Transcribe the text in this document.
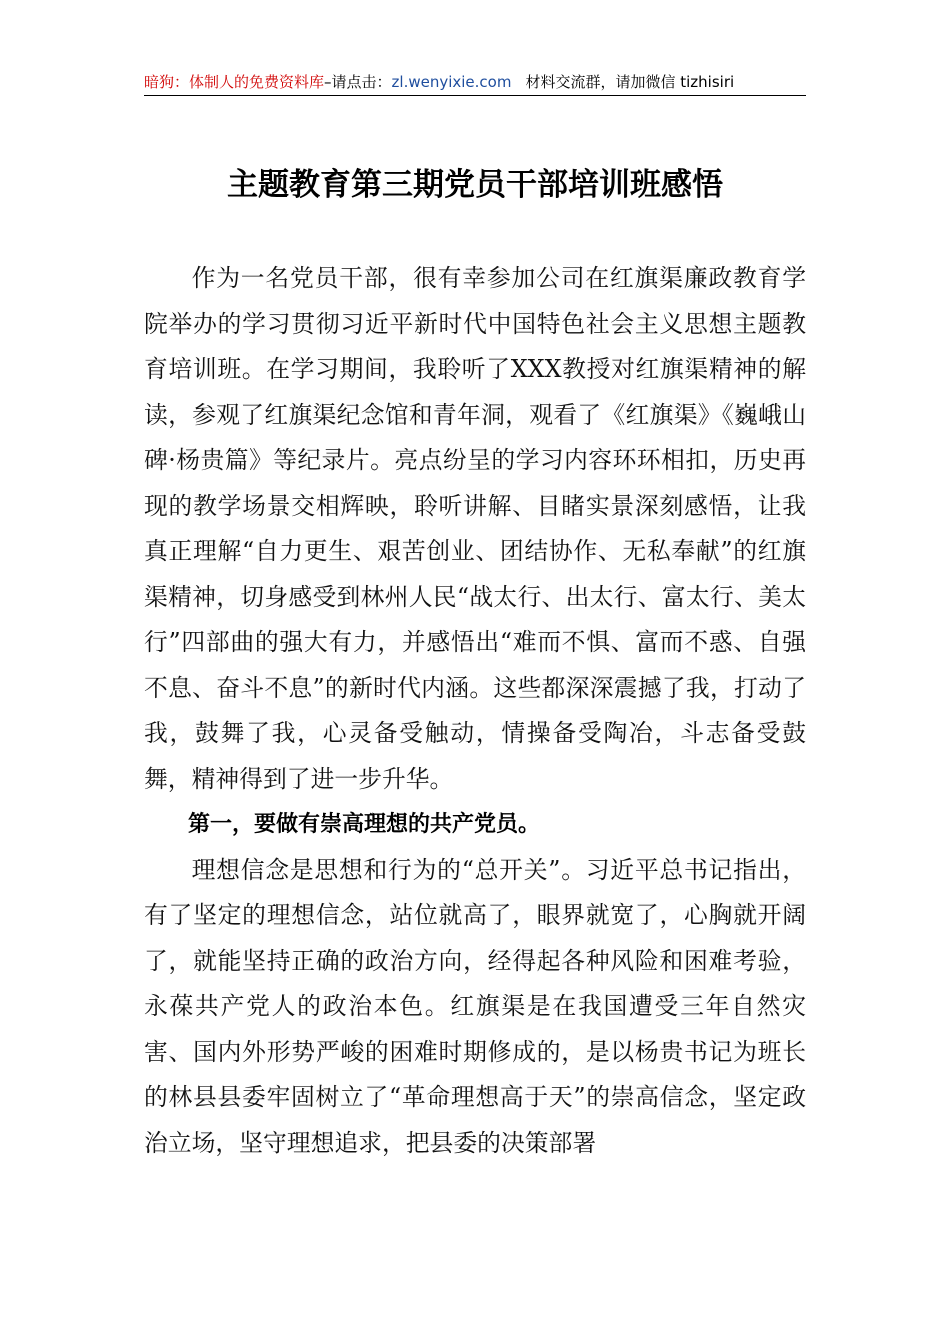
暗狗：体制人的免费资料库–请点击：zl.wenyixie.com 材料交流群，请加微信 tizhisiri
主题教育第三期党员干部培训班感悟

作为一名党员干部，很有幸参加公司在红旗渠廉政教育学院举办的学习贯彻习近平新时代中国特色社会主义思想主题教育培训班。在学习期间，我聆听了XXX教授对红旗渠精神的解读，参观了红旗渠纪念馆和青年洞，观看了《红旗渠》《巍峨山碑·杨贵篇》等纪录片。亮点纷呈的学习内容环环相扣，历史再现的教学场景交相辉映，聆听讲解、目睹实景深刻感悟，让我真正理解“自力更生、艰苦创业、团结协作、无私奉献”的红旗渠精神，切身感受到林州人民“战太行、出太行、富太行、美太行”四部曲的强大有力，并感悟出“难而不惧、富而不惑、自强不息、奋斗不息”的新时代内涵。这些都深深震撼了我，打动了我，鼓舞了我，心灵备受触动，情操备受陶冶，斗志备受鼓舞，精神得到了进一步升华。

第一，要做有崇高理想的共产党员。

理想信念是思想和行为的“总开关”。习近平总书记指出，有了坚定的理想信念，站位就高了，眼界就宽了，心胸就开阔了，就能坚持正确的政治方向，经得起各种风险和困难考验，永葆共产党人的政治本色。红旗渠是在我国遭受三年自然灾害、国内外形势严峻的困难时期修成的，是以杨贵书记为班长的林县县委牢固树立了“革命理想高于天”的崇高信念，坚定政治立场，坚守理想追求，把县委的决策部署
